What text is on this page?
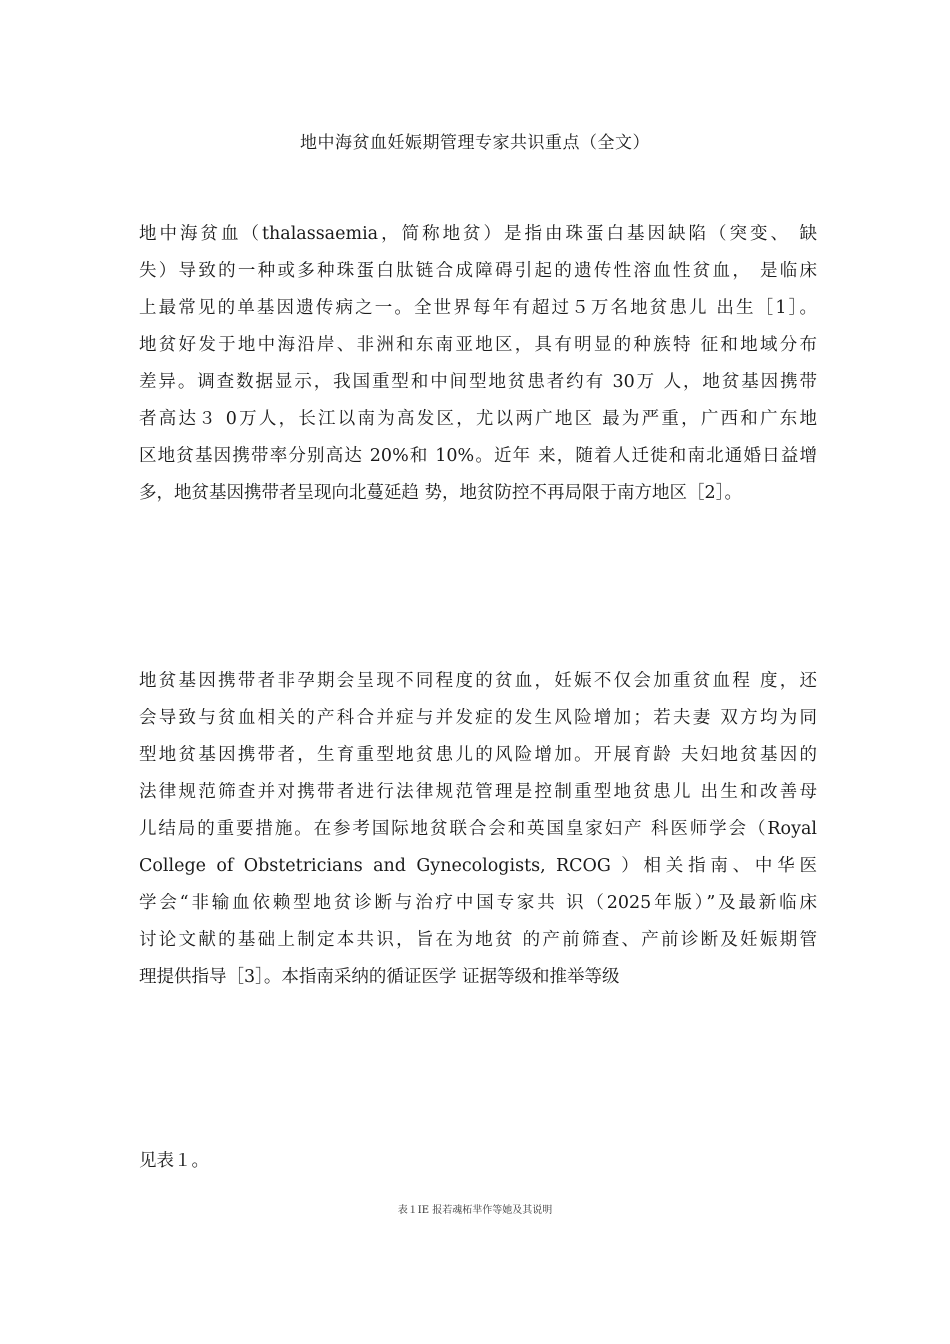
地中海贫血妊娠期管理专家共识重点（全文）
地中海贫血（thalassaemia，简称地贫）是指由珠蛋白基因缺陷（突变、 缺
失）导致的一种或多种珠蛋白肽链合成障碍引起的遗传性溶血性贫血， 是临床
上最常见的单基因遗传病之一。全世界每年有超过５万名地贫患儿 出生［1］。
地贫好发于地中海沿岸、非洲和东南亚地区，具有明显的种族特 征和地域分布
差异。调查数据显示，我国重型和中间型地贫患者约有 30万 人，地贫基因携带
者高达３ 0万人，长江以南为高发区，尤以两广地区 最为严重，广西和广东地
区地贫基因携带率分别高达 20%和 10%。近年 来，随着人迁徙和南北通婚日益增
多，地贫基因携带者呈现向北蔓延趋 势，地贫防控不再局限于南方地区［2］。
地贫基因携带者非孕期会呈现不同程度的贫血，妊娠不仅会加重贫血程 度，还
会导致与贫血相关的产科合并症与并发症的发生风险增加；若夫妻 双方均为同
型地贫基因携带者，生育重型地贫患儿的风险增加。开展育龄 夫妇地贫基因的
法律规范筛查并对携带者进行法律规范管理是控制重型地贫患儿 出生和改善母
儿结局的重要措施。在参考国际地贫联合会和英国皇家妇产 科医师学会（Royal
College of Obstetricians and Gynecologists, RCOG ）相关指南、中华医
学会“非输血依赖型地贫诊断与治疗中国专家共 识（2025年版）”及最新临床
讨论文献的基础上制定本共识，旨在为地贫 的产前筛查、产前诊断及妊娠期管
理提供指导［3］。本指南采纳的循证医学 证据等级和推举等级
见表１。
表１IE 报若魂柘芈作等她及其说明
